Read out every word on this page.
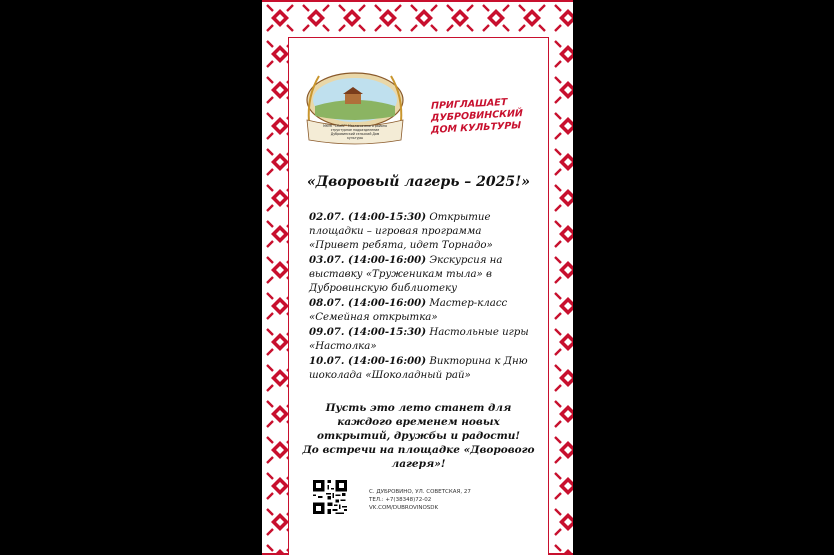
МКУК "СКиБГ" Маслянинского района
структурное подразделение
Дубровинский сельский Дом
культуры
ПРИГЛАШАЕТ
ДУБРОВИНСКИЙ
ДОМ КУЛЬТУРЫ
«Дворовый лагерь – 2025!»

02.07. (14:00-15:30) Открытие площадки – игровая программа «Привет ребята, идет Торнадо»

03.07. (14:00-16:00) Экскурсия на выставку «Труженикам тыла» в Дубровинскую библиотеку

08.07. (14:00-16:00) Мастер-класс «Семейная открытка»

09.07. (14:00-15:30) Настольные игры «Настолка»

10.07. (14:00-16:00) Викторина к Дню шоколада «Шоколадный рай»

Пусть это лето станет для каждого временем новых открытий, дружбы и радости!
До встречи на площадке «Дворового лагеря»!
С. ДУБРОВИНО, УЛ. СОВЕТСКАЯ, 27
ТЕЛ.: +7(38348)72-02
VK.COM/DUBROVINOSDK
